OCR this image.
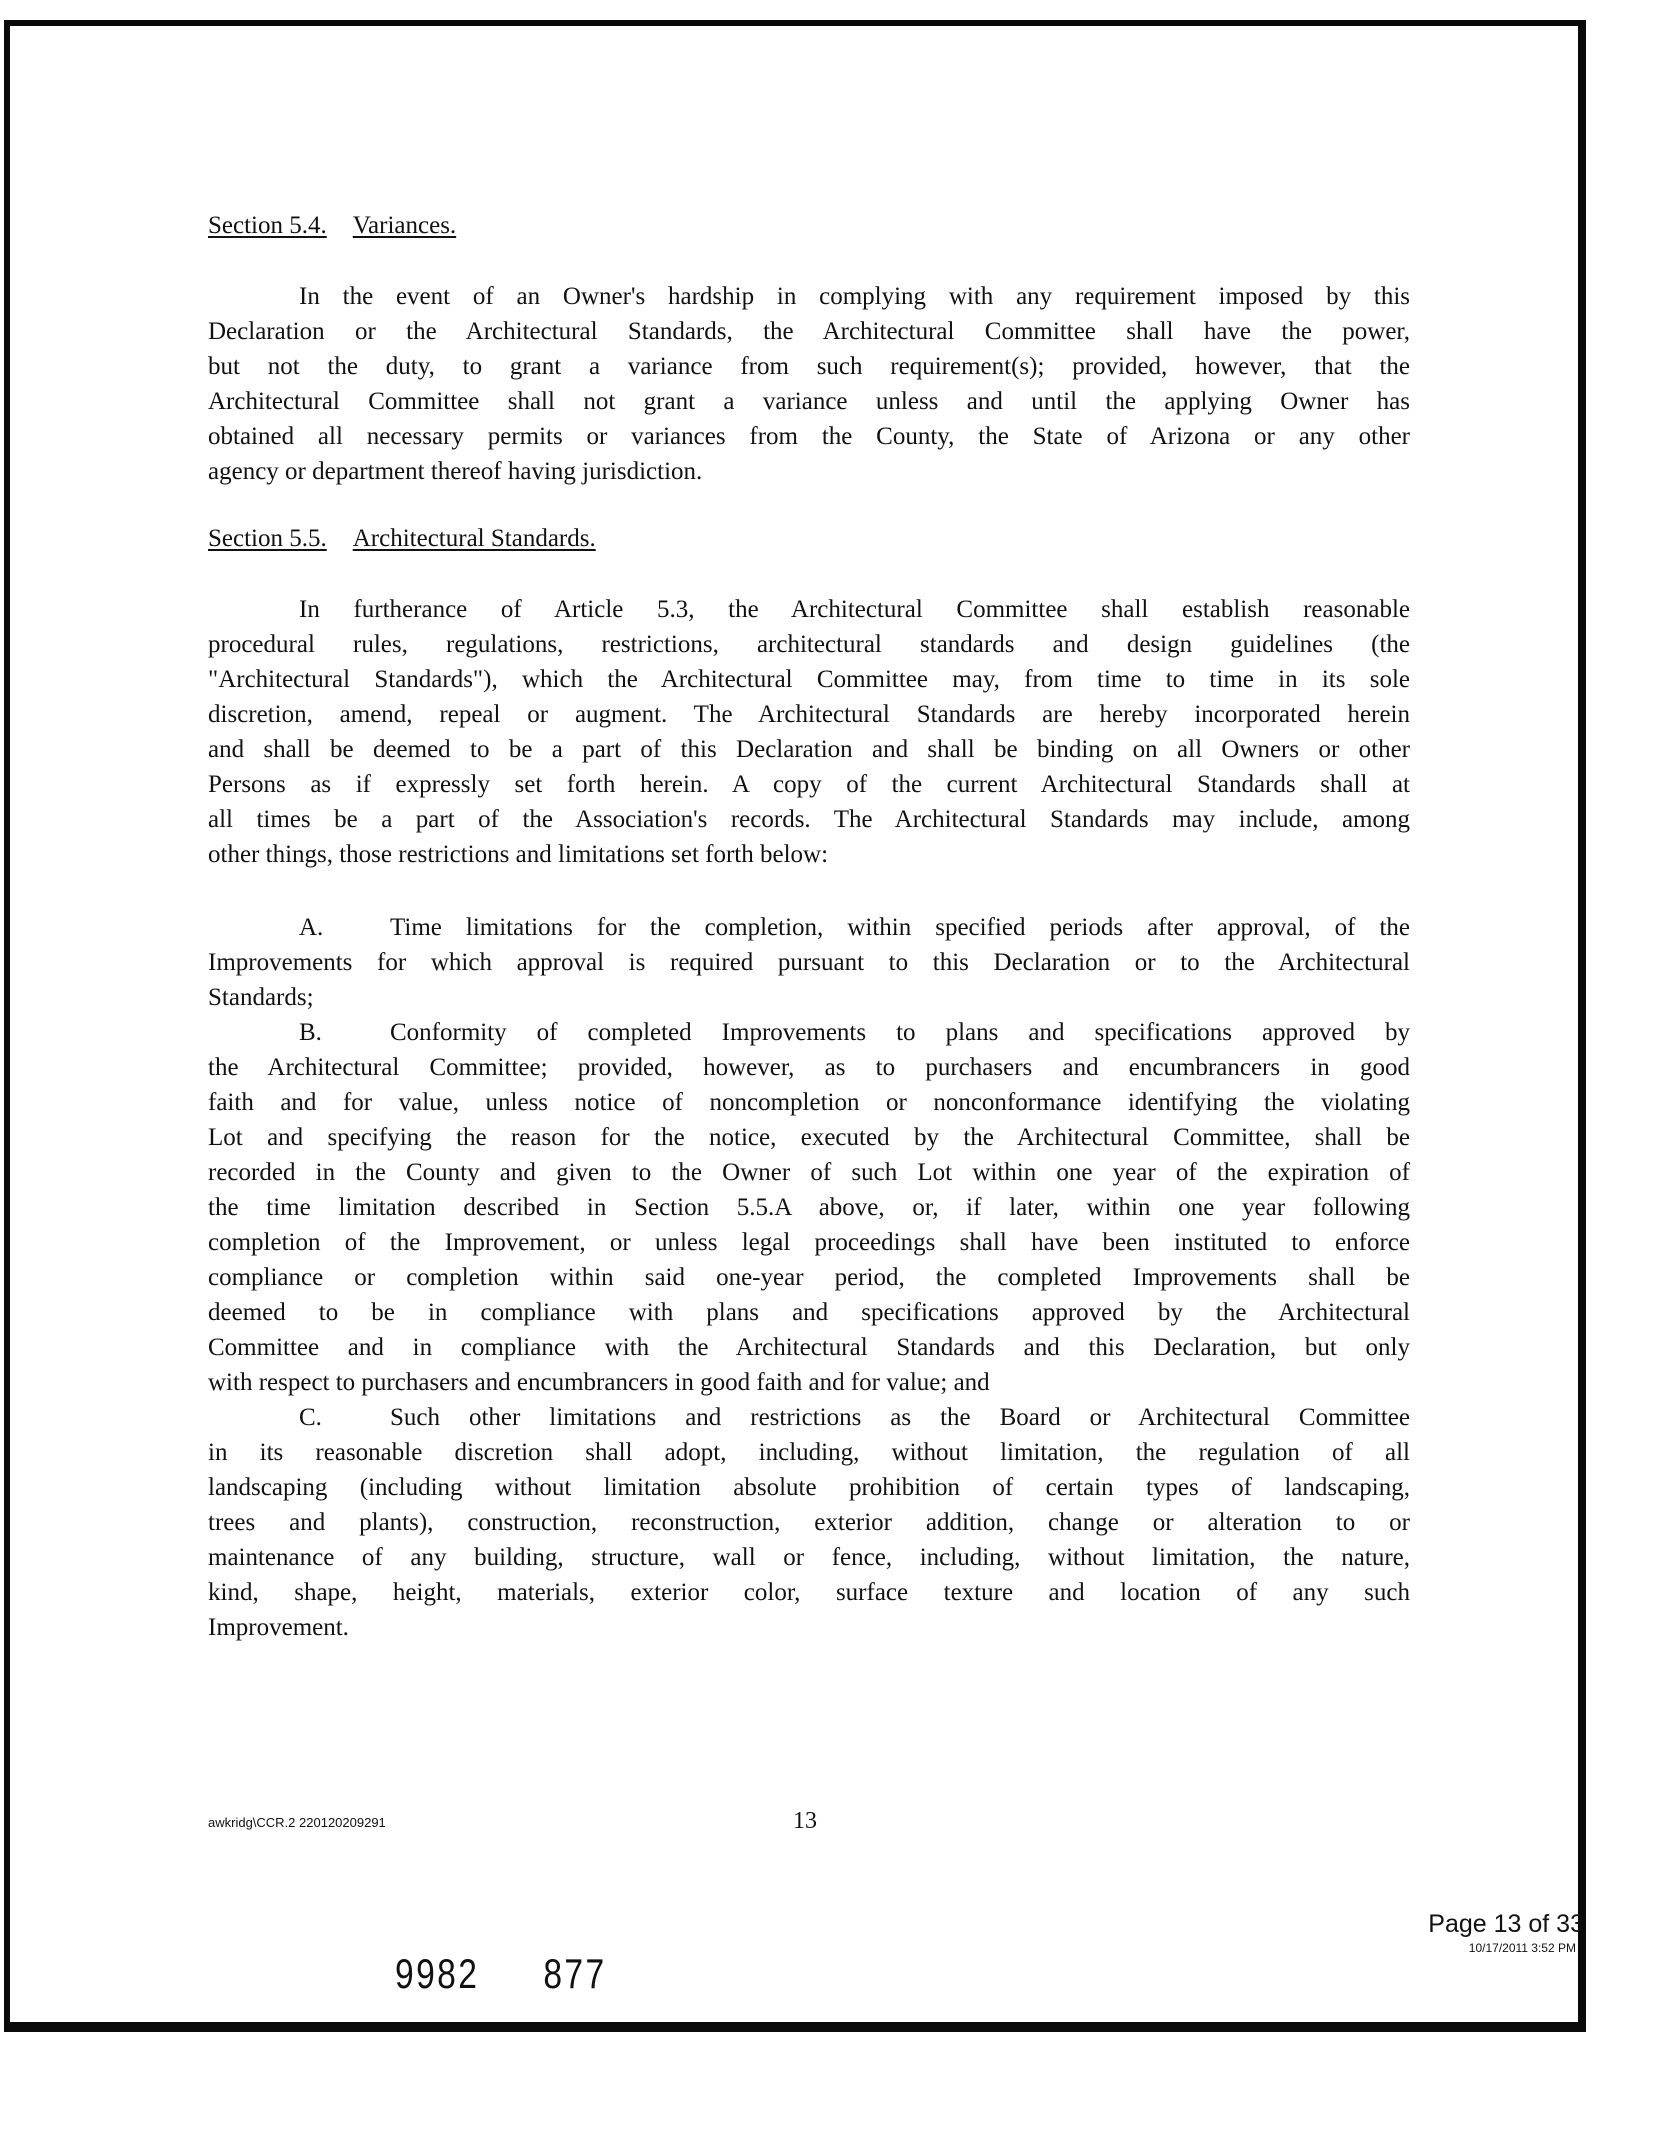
Section 5.4. Variances.
In the event of an Owner's hardship in complying with any requirement imposed by this
Declaration or the Architectural Standards, the Architectural Committee shall have the power,
but not the duty, to grant a variance from such requirement(s); provided, however, that the
Architectural Committee shall not grant a variance unless and until the applying Owner has
obtained all necessary permits or variances from the County, the State of Arizona or any other
agency or department thereof having jurisdiction.
Section 5.5. Architectural Standards.
In furtherance of Article 5.3, the Architectural Committee shall establish reasonable
procedural rules, regulations, restrictions, architectural standards and design guidelines (the
"Architectural Standards"), which the Architectural Committee may, from time to time in its sole
discretion, amend, repeal or augment. The Architectural Standards are hereby incorporated herein
and shall be deemed to be a part of this Declaration and shall be binding on all Owners or other
Persons as if expressly set forth herein. A copy of the current Architectural Standards shall at
all times be a part of the Association's records. The Architectural Standards may include, among
other things, those restrictions and limitations set forth below:
A.	Time limitations for the completion, within specified periods after approval, of the
Improvements for which approval is required pursuant to this Declaration or to the Architectural
Standards;
B.	Conformity of completed Improvements to plans and specifications approved by
the Architectural Committee; provided, however, as to purchasers and encumbrancers in good
faith and for value, unless notice of noncompletion or nonconformance identifying the violating
Lot and specifying the reason for the notice, executed by the Architectural Committee, shall be
recorded in the County and given to the Owner of such Lot within one year of the expiration of
the time limitation described in Section 5.5.A above, or, if later, within one year following
completion of the Improvement, or unless legal proceedings shall have been instituted to enforce
compliance or completion within said one-year period, the completed Improvements shall be
deemed to be in compliance with plans and specifications approved by the Architectural
Committee and in compliance with the Architectural Standards and this Declaration, but only
with respect to purchasers and encumbrancers in good faith and for value; and
C.	Such other limitations and restrictions as the Board or Architectural Committee
in its reasonable discretion shall adopt, including, without limitation, the regulation of all
landscaping (including without limitation absolute prohibition of certain types of landscaping,
trees and plants), construction, reconstruction, exterior addition, change or alteration to or
maintenance of any building, structure, wall or fence, including, without limitation, the nature,
kind, shape, height, materials, exterior color, surface texture and location of any such
Improvement.
awkridg\CCR.2 220120209291	13
Page 13 of 33
10/17/2011 3:52 PM
9982 877
